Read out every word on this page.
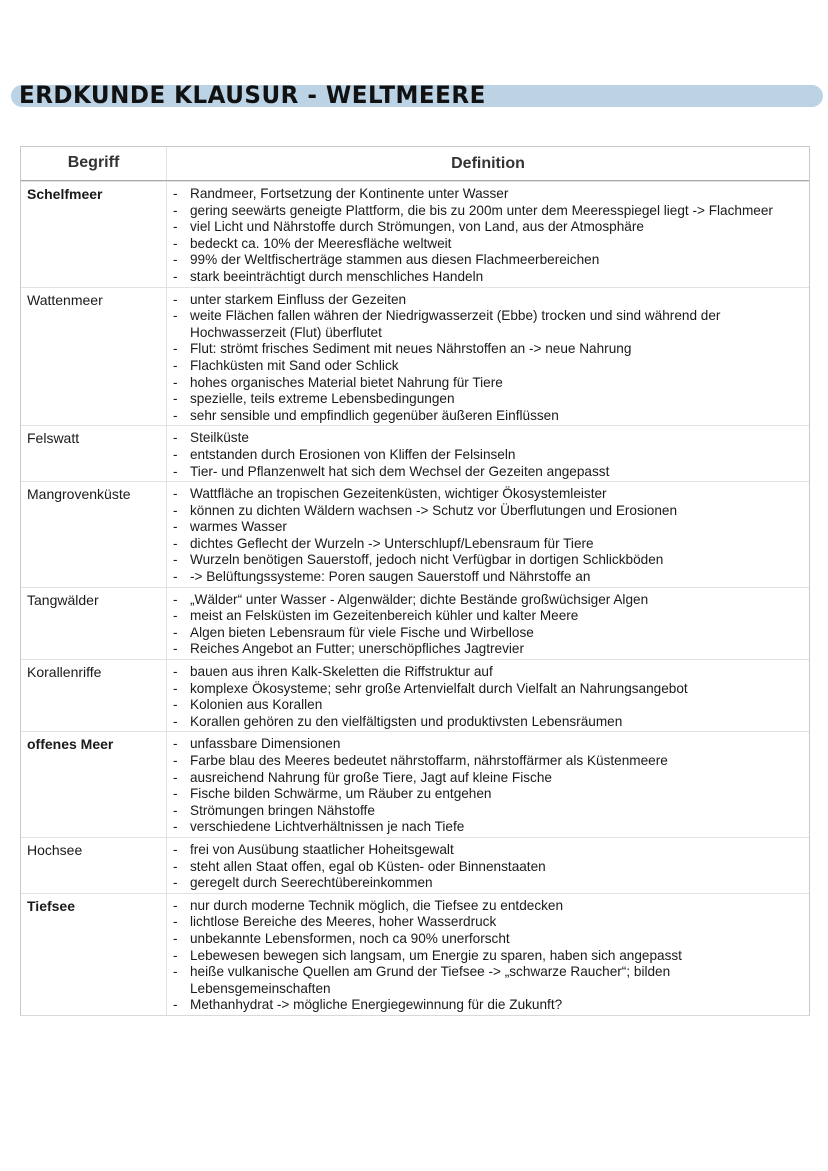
ERDKUNDE KLAUSUR - WELTMEERE
Begriff	Definition
Schelfmeer	- Randmeer, Fortsetzung der Kontinente unter Wasser
- gering seewärts geneigte Plattform, die bis zu 200m unter dem Meeresspiegel liegt -> Flachmeer
- viel Licht und Nährstoffe durch Strömungen, von Land, aus der Atmosphäre
- bedeckt ca. 10% der Meeresfläche weltweit
- 99% der Weltfischerträge stammen aus diesen Flachmeerbereichen
- stark beeinträchtigt durch menschliches Handeln
Wattenmeer	- unter starkem Einfluss der Gezeiten
- weite Flächen fallen währen der Niedrigwasserzeit (Ebbe) trocken und sind während der Hochwasserzeit (Flut) überflutet
- Flut: strömt frisches Sediment mit neues Nährstoffen an -> neue Nahrung
- Flachküsten mit Sand oder Schlick
- hohes organisches Material bietet Nahrung für Tiere
- spezielle, teils extreme Lebensbedingungen
- sehr sensible und empfindlich gegenüber äußeren Einflüssen
Felswatt	- Steilküste
- entstanden durch Erosionen von Kliffen der Felsinseln
- Tier- und Pflanzenwelt hat sich dem Wechsel der Gezeiten angepasst
Mangrovenküste	- Wattfläche an tropischen Gezeitenküsten, wichtiger Ökosystemleister
- können zu dichten Wäldern wachsen -> Schutz vor Überflutungen und Erosionen
- warmes Wasser
- dichtes Geflecht der Wurzeln -> Unterschlupf/Lebensraum für Tiere
- Wurzeln benötigen Sauerstoff, jedoch nicht Verfügbar in dortigen Schlickböden
- -> Belüftungssysteme: Poren saugen Sauerstoff und Nährstoffe an
Tangwälder	- „Wälder“ unter Wasser - Algenwälder; dichte Bestände großwüchsiger Algen
- meist an Felsküsten im Gezeitenbereich kühler und kalter Meere
- Algen bieten Lebensraum für viele Fische und Wirbellose
- Reiches Angebot an Futter; unerschöpfliches Jagtrevier
Korallenriffe	- bauen aus ihren Kalk-Skeletten die Riffstruktur auf
- komplexe Ökosysteme; sehr große Artenvielfalt durch Vielfalt an Nahrungsangebot
- Kolonien aus Korallen
- Korallen gehören zu den vielfältigsten und produktivsten Lebensräumen
offenes Meer	- unfassbare Dimensionen
- Farbe blau des Meeres bedeutet nährstoffarm, nährstoffärmer als Küstenmeere
- ausreichend Nahrung für große Tiere, Jagt auf kleine Fische
- Fische bilden Schwärme, um Räuber zu entgehen
- Strömungen bringen Nähstoffe
- verschiedene Lichtverhältnissen je nach Tiefe
Hochsee	- frei von Ausübung staatlicher Hoheitsgewalt
- steht allen Staat offen, egal ob Küsten- oder Binnenstaaten
- geregelt durch Seerechtübereinkommen
Tiefsee	- nur durch moderne Technik möglich, die Tiefsee zu entdecken
- lichtlose Bereiche des Meeres, hoher Wasserdruck
- unbekannte Lebensformen, noch ca 90% unerforscht
- Lebewesen bewegen sich langsam, um Energie zu sparen, haben sich angepasst
- heiße vulkanische Quellen am Grund der Tiefsee -> „schwarze Raucher“; bilden Lebensgemeinschaften
- Methanhydrat -> mögliche Energiegewinnung für die Zukunft?
